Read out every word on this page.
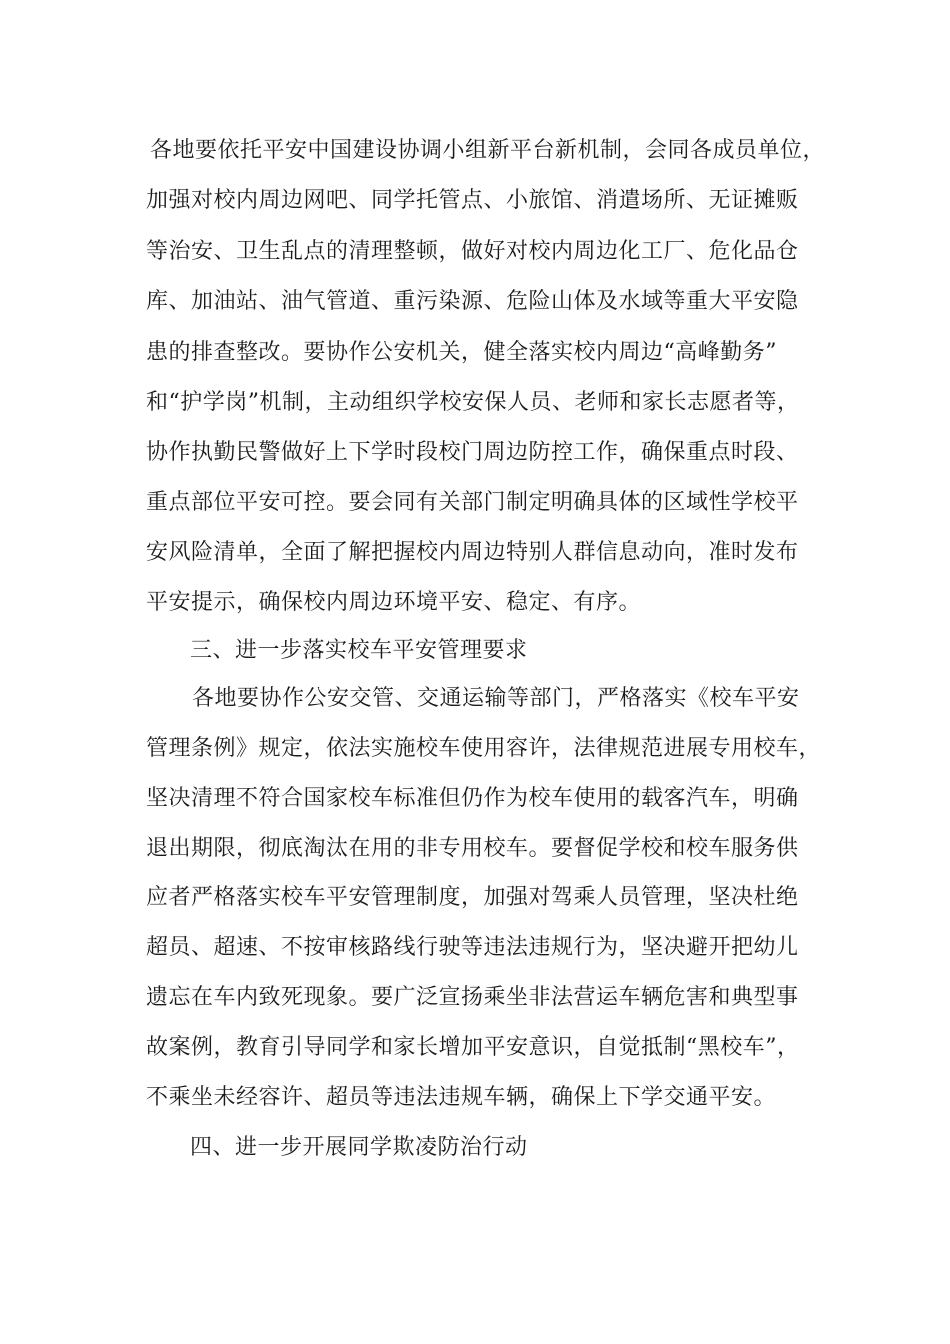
各地要依托平安中国建设协调小组新平台新机制，会同各成员单位，
加强对校内周边网吧、同学托管点、小旅馆、消遣场所、无证摊贩
等治安、卫生乱点的清理整顿，做好对校内周边化工厂、危化品仓
库、加油站、油气管道、重污染源、危险山体及水域等重大平安隐
患的排查整改。要协作公安机关，健全落实校内周边“高峰勤务”
和“护学岗”机制，主动组织学校安保人员、老师和家长志愿者等，
协作执勤民警做好上下学时段校门周边防控工作，确保重点时段、
重点部位平安可控。要会同有关部门制定明确具体的区域性学校平
安风险清单，全面了解把握校内周边特别人群信息动向，准时发布
平安提示，确保校内周边环境平安、稳定、有序。
三、进一步落实校车平安管理要求
各地要协作公安交管、交通运输等部门，严格落实《校车平安
管理条例》规定，依法实施校车使用容许，法律规范进展专用校车，
坚决清理不符合国家校车标准但仍作为校车使用的载客汽车，明确
退出期限，彻底淘汰在用的非专用校车。要督促学校和校车服务供
应者严格落实校车平安管理制度，加强对驾乘人员管理，坚决杜绝
超员、超速、不按审核路线行驶等违法违规行为，坚决避开把幼儿
遗忘在车内致死现象。要广泛宣扬乘坐非法营运车辆危害和典型事
故案例，教育引导同学和家长增加平安意识，自觉抵制“黑校车”，
不乘坐未经容许、超员等违法违规车辆，确保上下学交通平安。
四、进一步开展同学欺凌防治行动
